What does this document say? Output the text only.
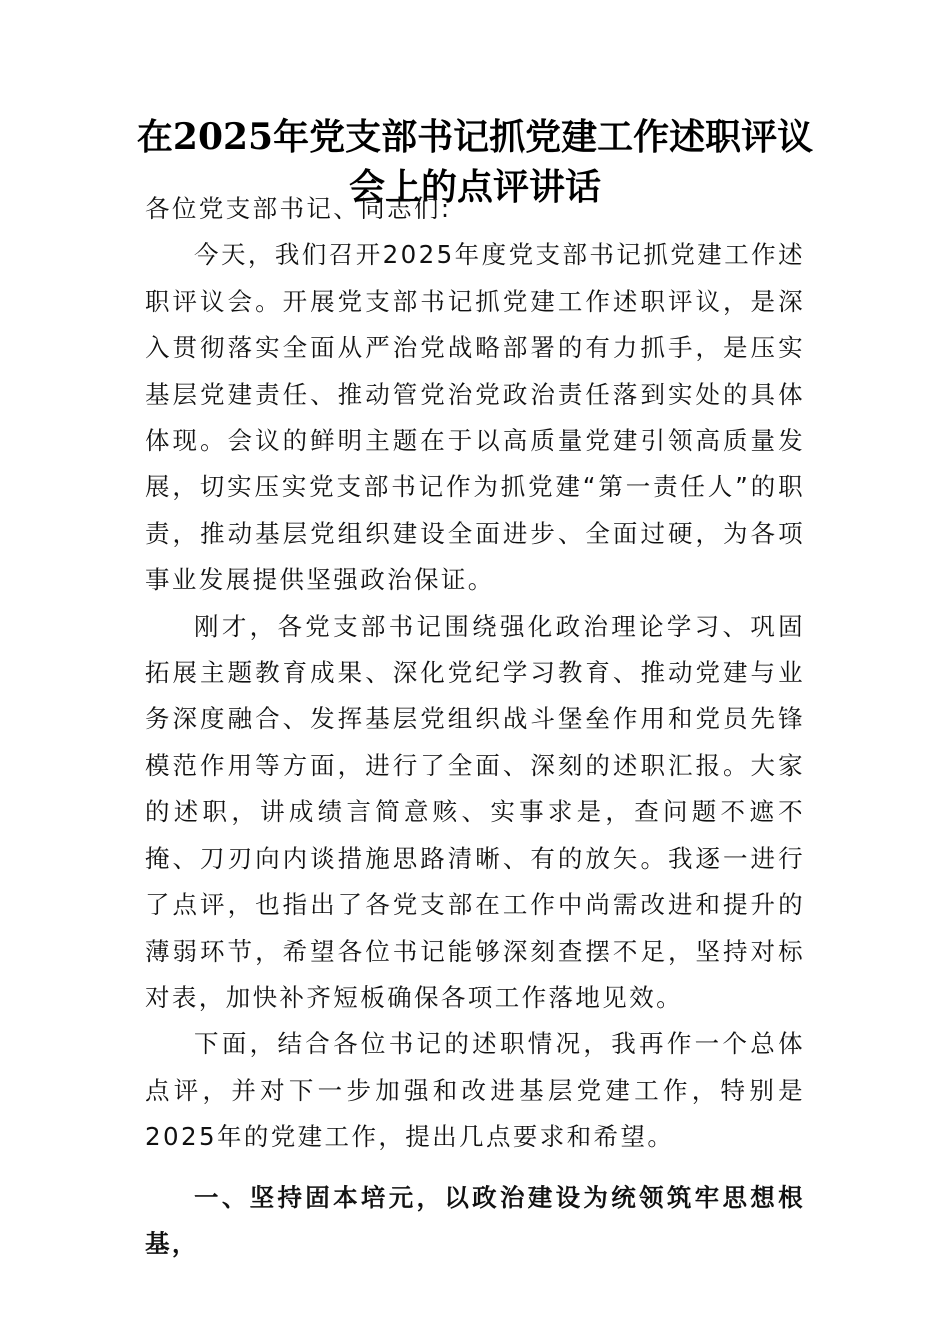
在2025年党支部书记抓党建工作述职评议
会上的点评讲话

各位党支部书记、同志们:

今天，我们召开2025年度党支部书记抓党建工作述职评议会。开展党支部书记抓党建工作述职评议，是深入贯彻落实全面从严治党战略部署的有力抓手，是压实基层党建责任、推动管党治党政治责任落到实处的具体体现。会议的鲜明主题在于以高质量党建引领高质量发展，切实压实党支部书记作为抓党建“第一责任人”的职责，推动基层党组织建设全面进步、全面过硬，为各项事业发展提供坚强政治保证。

刚才，各党支部书记围绕强化政治理论学习、巩固拓展主题教育成果、深化党纪学习教育、推动党建与业务深度融合、发挥基层党组织战斗堡垒作用和党员先锋模范作用等方面，进行了全面、深刻的述职汇报。大家的述职，讲成绩言简意赅、实事求是，查问题不遮不掩、刀刃向内谈措施思路清晰、有的放矢。我逐一进行了点评，也指出了各党支部在工作中尚需改进和提升的薄弱环节，希望各位书记能够深刻查摆不足，坚持对标对表，加快补齐短板确保各项工作落地见效。

下面，结合各位书记的述职情况，我再作一个总体点评，并对下一步加强和改进基层党建工作，特别是2025年的党建工作，提出几点要求和希望。

一、坚持固本培元，以政治建设为统领筑牢思想根基，
